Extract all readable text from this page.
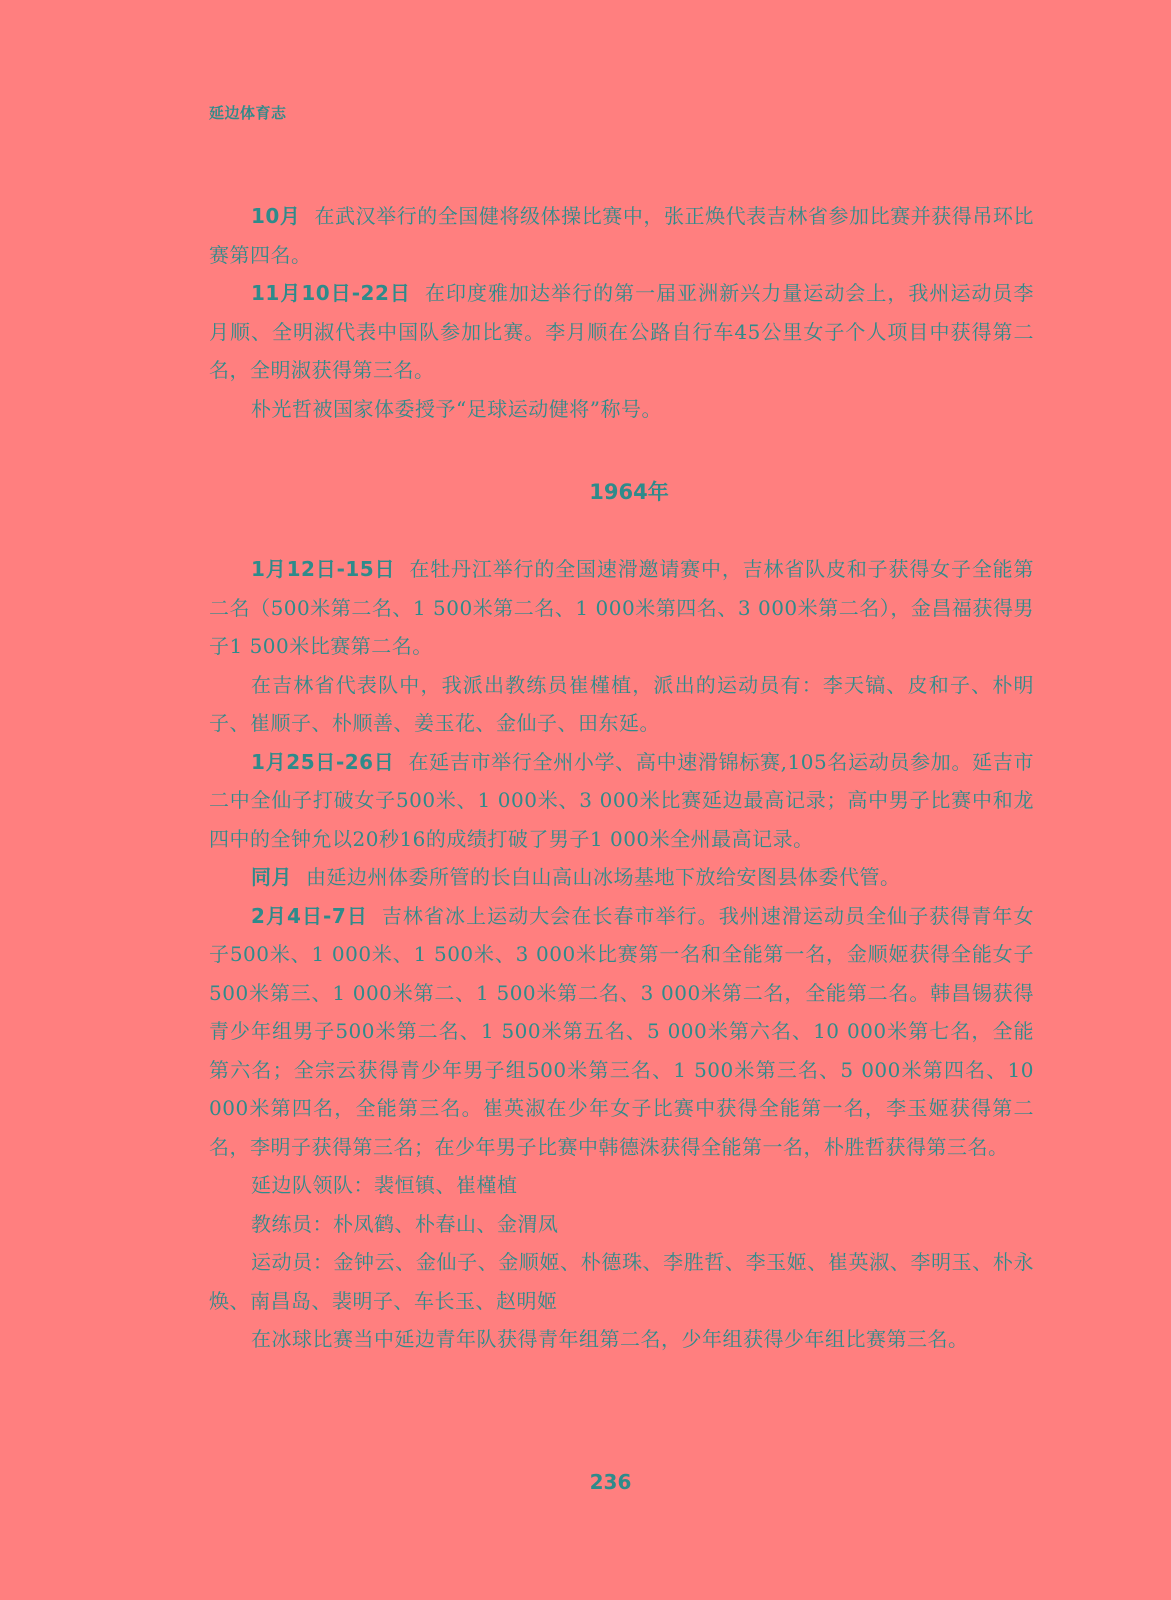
延边体育志

10月 在武汉举行的全国健将级体操比赛中，张正焕代表吉林省参加比赛并获得吊环比赛第四名。

11月10日-22日 在印度雅加达举行的第一届亚洲新兴力量运动会上，我州运动员李月顺、全明淑代表中国队参加比赛。李月顺在公路自行车45公里女子个人项目中获得第二名，全明淑获得第三名。

朴光哲被国家体委授予“足球运动健将”称号。

1964年

1月12日-15日 在牡丹江举行的全国速滑邀请赛中，吉林省队皮和子获得女子全能第二名（500米第二名、1 500米第二名、1 000米第四名、3 000米第二名），金昌福获得男子1 500米比赛第二名。

在吉林省代表队中，我派出教练员崔槿植，派出的运动员有：李天镐、皮和子、朴明子、崔顺子、朴顺善、姜玉花、金仙子、田东延。

1月25日-26日 在延吉市举行全州小学、高中速滑锦标赛,105名运动员参加。延吉市二中全仙子打破女子500米、1 000米、3 000米比赛延边最高记录；高中男子比赛中和龙四中的全钟允以20秒16的成绩打破了男子1 000米全州最高记录。

同月 由延边州体委所管的长白山高山冰场基地下放给安图县体委代管。

2月4日-7日 吉林省冰上运动大会在长春市举行。我州速滑运动员全仙子获得青年女子500米、1 000米、1 500米、3 000米比赛第一名和全能第一名，金顺姬获得全能女子500米第三、1 000米第二、1 500米第二名、3 000米第二名，全能第二名。韩昌锡获得青少年组男子500米第二名、1 500米第五名、5 000米第六名、10 000米第七名，全能第六名；全宗云获得青少年男子组500米第三名、1 500米第三名、5 000米第四名、10 000米第四名，全能第三名。崔英淑在少年女子比赛中获得全能第一名，李玉姬获得第二名，李明子获得第三名；在少年男子比赛中韩德洙获得全能第一名，朴胜哲获得第三名。

延边队领队：裴恒镇、崔槿植

教练员：朴凤鹤、朴春山、金渭凤

运动员：金钟云、金仙子、金顺姬、朴德珠、李胜哲、李玉姬、崔英淑、李明玉、朴永焕、南昌岛、裴明子、车长玉、赵明姬

在冰球比赛当中延边青年队获得青年组第二名，少年组获得少年组比赛第三名。

236
